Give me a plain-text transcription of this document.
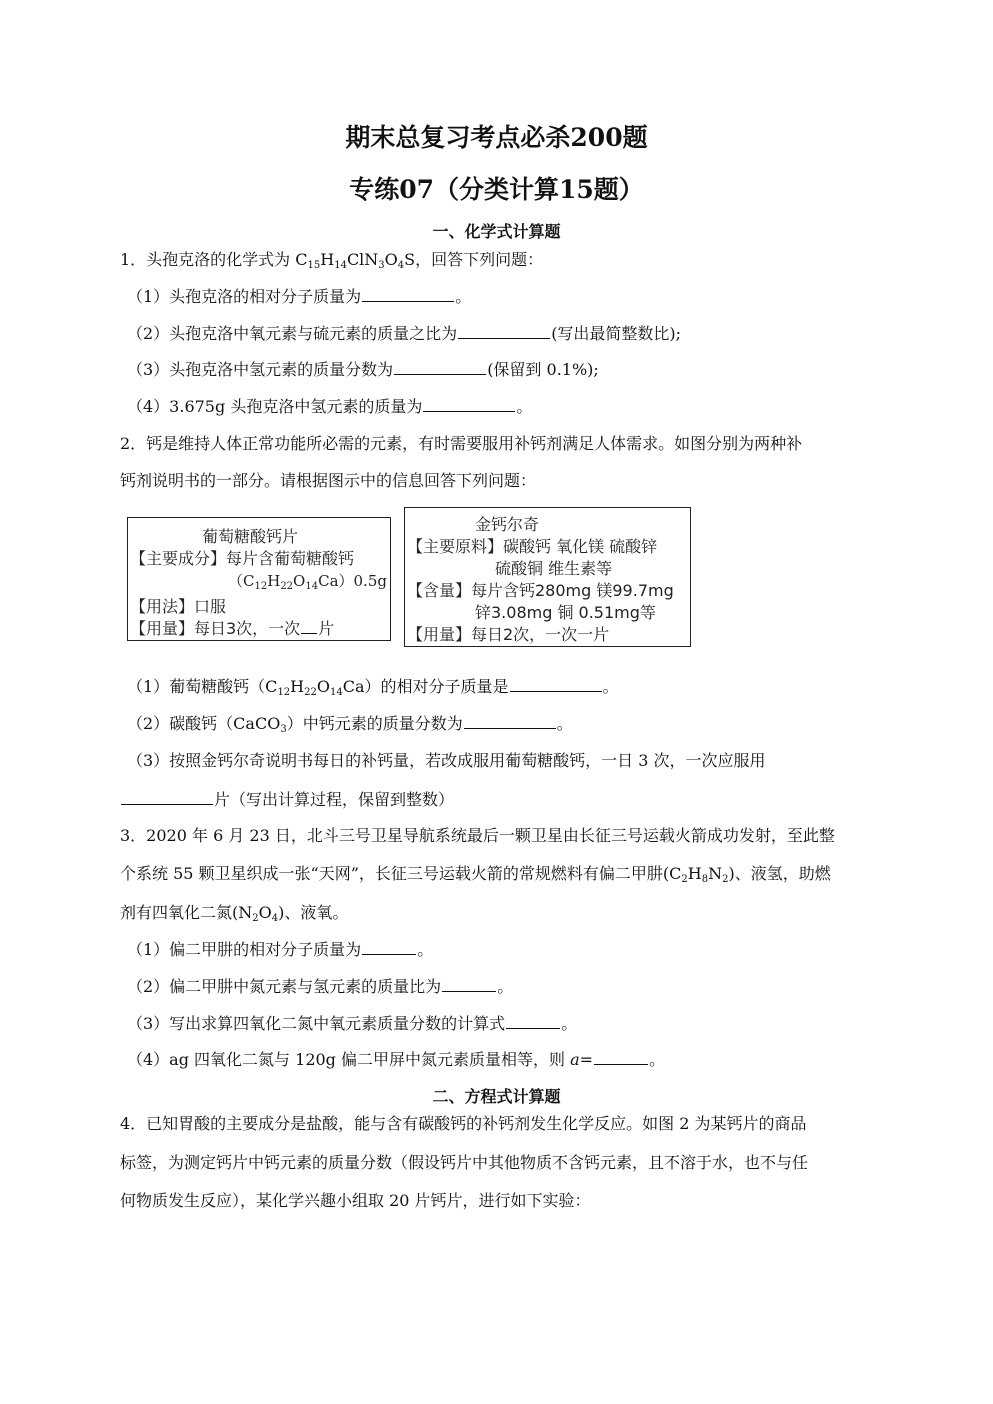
期末总复习考点必杀200题
专练07（分类计算15题）
一、化学式计算题
1．头孢克洛的化学式为 $C_{15}H_{14}ClN_3O_4S$，回答下列问题：
（1）头孢克洛的相对分子质量为	。
（2）头孢克洛中氧元素与硫元素的质量之比为	(写出最简整数比);
（3）头孢克洛中氢元素的质量分数为	(保留到 0.1%);
（4）3.675g 头孢克洛中氢元素的质量为	。
2．钙是维持人体正常功能所必需的元素，有时需要服用补钙剂满足人体需求。如图分别为两种补
钙剂说明书的一部分。请根据图示中的信息回答下列问题：
葡萄糖酸钙片
【主要成分】每片含葡萄糖酸钙
$(C_{12}H_{22}O_{14}Ca)0.5g$
【用法】口服
【用量】每日3次，一次 片
金钙尔奇
【主要原料】碳酸钙 氧化镁 硫酸锌
硫酸铜 维生素等
【含量】每片含钙280mg 镁99.7mg
锌3.08mg 铜 0.51mg等
【用量】每日2次，一次一片
（1）葡萄糖酸钙$(C_{12}H_{22}O_{14}Ca)$的相对分子质量是	。
（2）碳酸钙（CaCO$_3$）中钙元素的质量分数为	。
（3）按照金钙尔奇说明书每日的补钙量，若改成服用葡萄糖酸钙，一日 3 次，一次应服用
片（写出计算过程，保留到整数）
3．2020 年 6 月 23 日，北斗三号卫星导航系统最后一颗卫星由长征三号运载火箭成功发射，至此整
个系统 55 颗卫星织成一张“天网”，长征三号运载火箭的常规燃料有偏二甲肼$(C_2H_8N_2)$、液氢，助燃
剂有四氧化二氮$(N_2O_4)$、液氧。
（1）偏二甲肼的相对分子质量为	。
（2）偏二甲肼中氮元素与氢元素的质量比为	。
（3）写出求算四氧化二氮中氧元素质量分数的计算式	。
（4）ag 四氧化二氮与 120g 偏二甲屏中氮元素质量相等，则 a=	。
二、方程式计算题
4．已知胃酸的主要成分是盐酸，能与含有碳酸钙的补钙剂发生化学反应。如图 2 为某钙片的商品
标签，为测定钙片中钙元素的质量分数（假设钙片中其他物质不含钙元素，且不溶于水，也不与任
何物质发生反应），某化学兴趣小组取 20 片钙片，进行如下实验：
